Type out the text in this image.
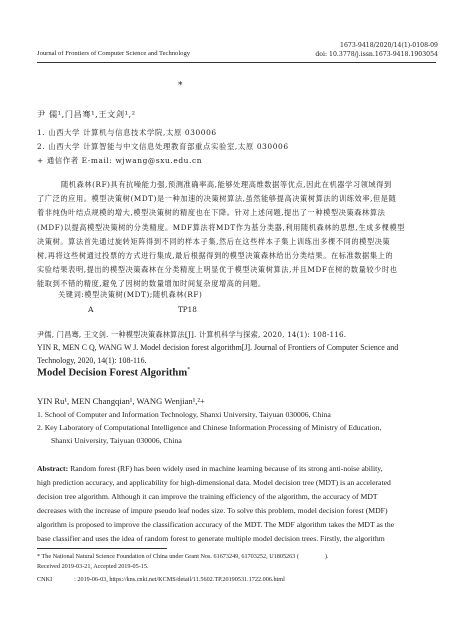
1673-9418/2020/14(1)-0108-09
doi: 10.3778/j.issn.1673-9418.1903054
Journal of Frontiers of Computer Science and Technology
*
尹 儒¹,门昌骞¹,王文剑¹,²
1. 山西大学 计算机与信息技术学院,太原 030006
2. 山西大学 计算智能与中文信息处理教育部重点实验室,太原 030006
+ 通信作者 E-mail: wjwang@sxu.edu.cn
随机森林(RF)具有抗噪能力强,预测准确率高,能够处理高维数据等优点,因此在机器学习领域得到
了广泛的应用。模型决策树(MDT)是一种加速的决策树算法,虽然能够提高决策树算法的训练效率,但是随
着非纯伪叶结点规模的增大,模型决策树的精度也在下降。针对上述问题,提出了一种模型决策森林算法
(MDF)以提高模型决策树的分类精度。MDF算法将MDT作为基分类器,利用随机森林的思想,生成多棵模型
决策树。算法首先通过旋转矩阵得到不同的样本子集,然后在这些样本子集上训练出多棵不同的模型决策
树,再将这些树通过投票的方式进行集成,最后根据得到的模型决策森林给出分类结果。在标准数据集上的
实验结果表明,提出的模型决策森林在分类精度上明显优于模型决策树算法,并且MDF在树的数量较少时也
能取到不错的精度,避免了因树的数量增加时间复杂度增高的问题。
关键词:模型决策树(MDT);随机森林(RF)
A	TP18
尹儒, 门昌骞, 王文剑. 一种模型决策森林算法[J]. 计算机科学与探索, 2020, 14(1): 108-116.
YIN R, MEN C Q, WANG W J. Model decision forest algorithm[J]. Journal of Frontiers of Computer Science and
Technology, 2020, 14(1): 108-116.
Model Decision Forest Algorithm*
YIN Ru¹, MEN Changqian¹, WANG Wenjian¹,²+
1. School of Computer and Information Technology, Shanxi University, Taiyuan 030006, China
2. Key Laboratory of Computational Intelligence and Chinese Information Processing of Ministry of Education,
Shanxi University, Taiyuan 030006, China
Abstract: Random forest (RF) has been widely used in machine learning because of its strong anti-noise ability,
high prediction accuracy, and applicability for high-dimensional data. Model decision tree (MDT) is an accelerated
decision tree algorithm. Although it can improve the training efficiency of the algorithm, the accuracy of MDT
decreases with the increase of impure pseudo leaf nodes size. To solve this problem, model decision forest (MDF)
algorithm is proposed to improve the classification accuracy of the MDT. The MDF algorithm takes the MDT as the
base classifier and uses the idea of random forest to generate multiple model decision trees. Firstly, the algorithm
* The National Natural Science Foundation of China under Grant Nos. 61673249, 61703252, U1805263 (	).
Received 2019-03-21, Accepted 2019-05-15.
CNKI	: 2019-06-03, https://kns.cnki.net/KCMS/detail/11.5602.TP.20190531.1722.006.html
